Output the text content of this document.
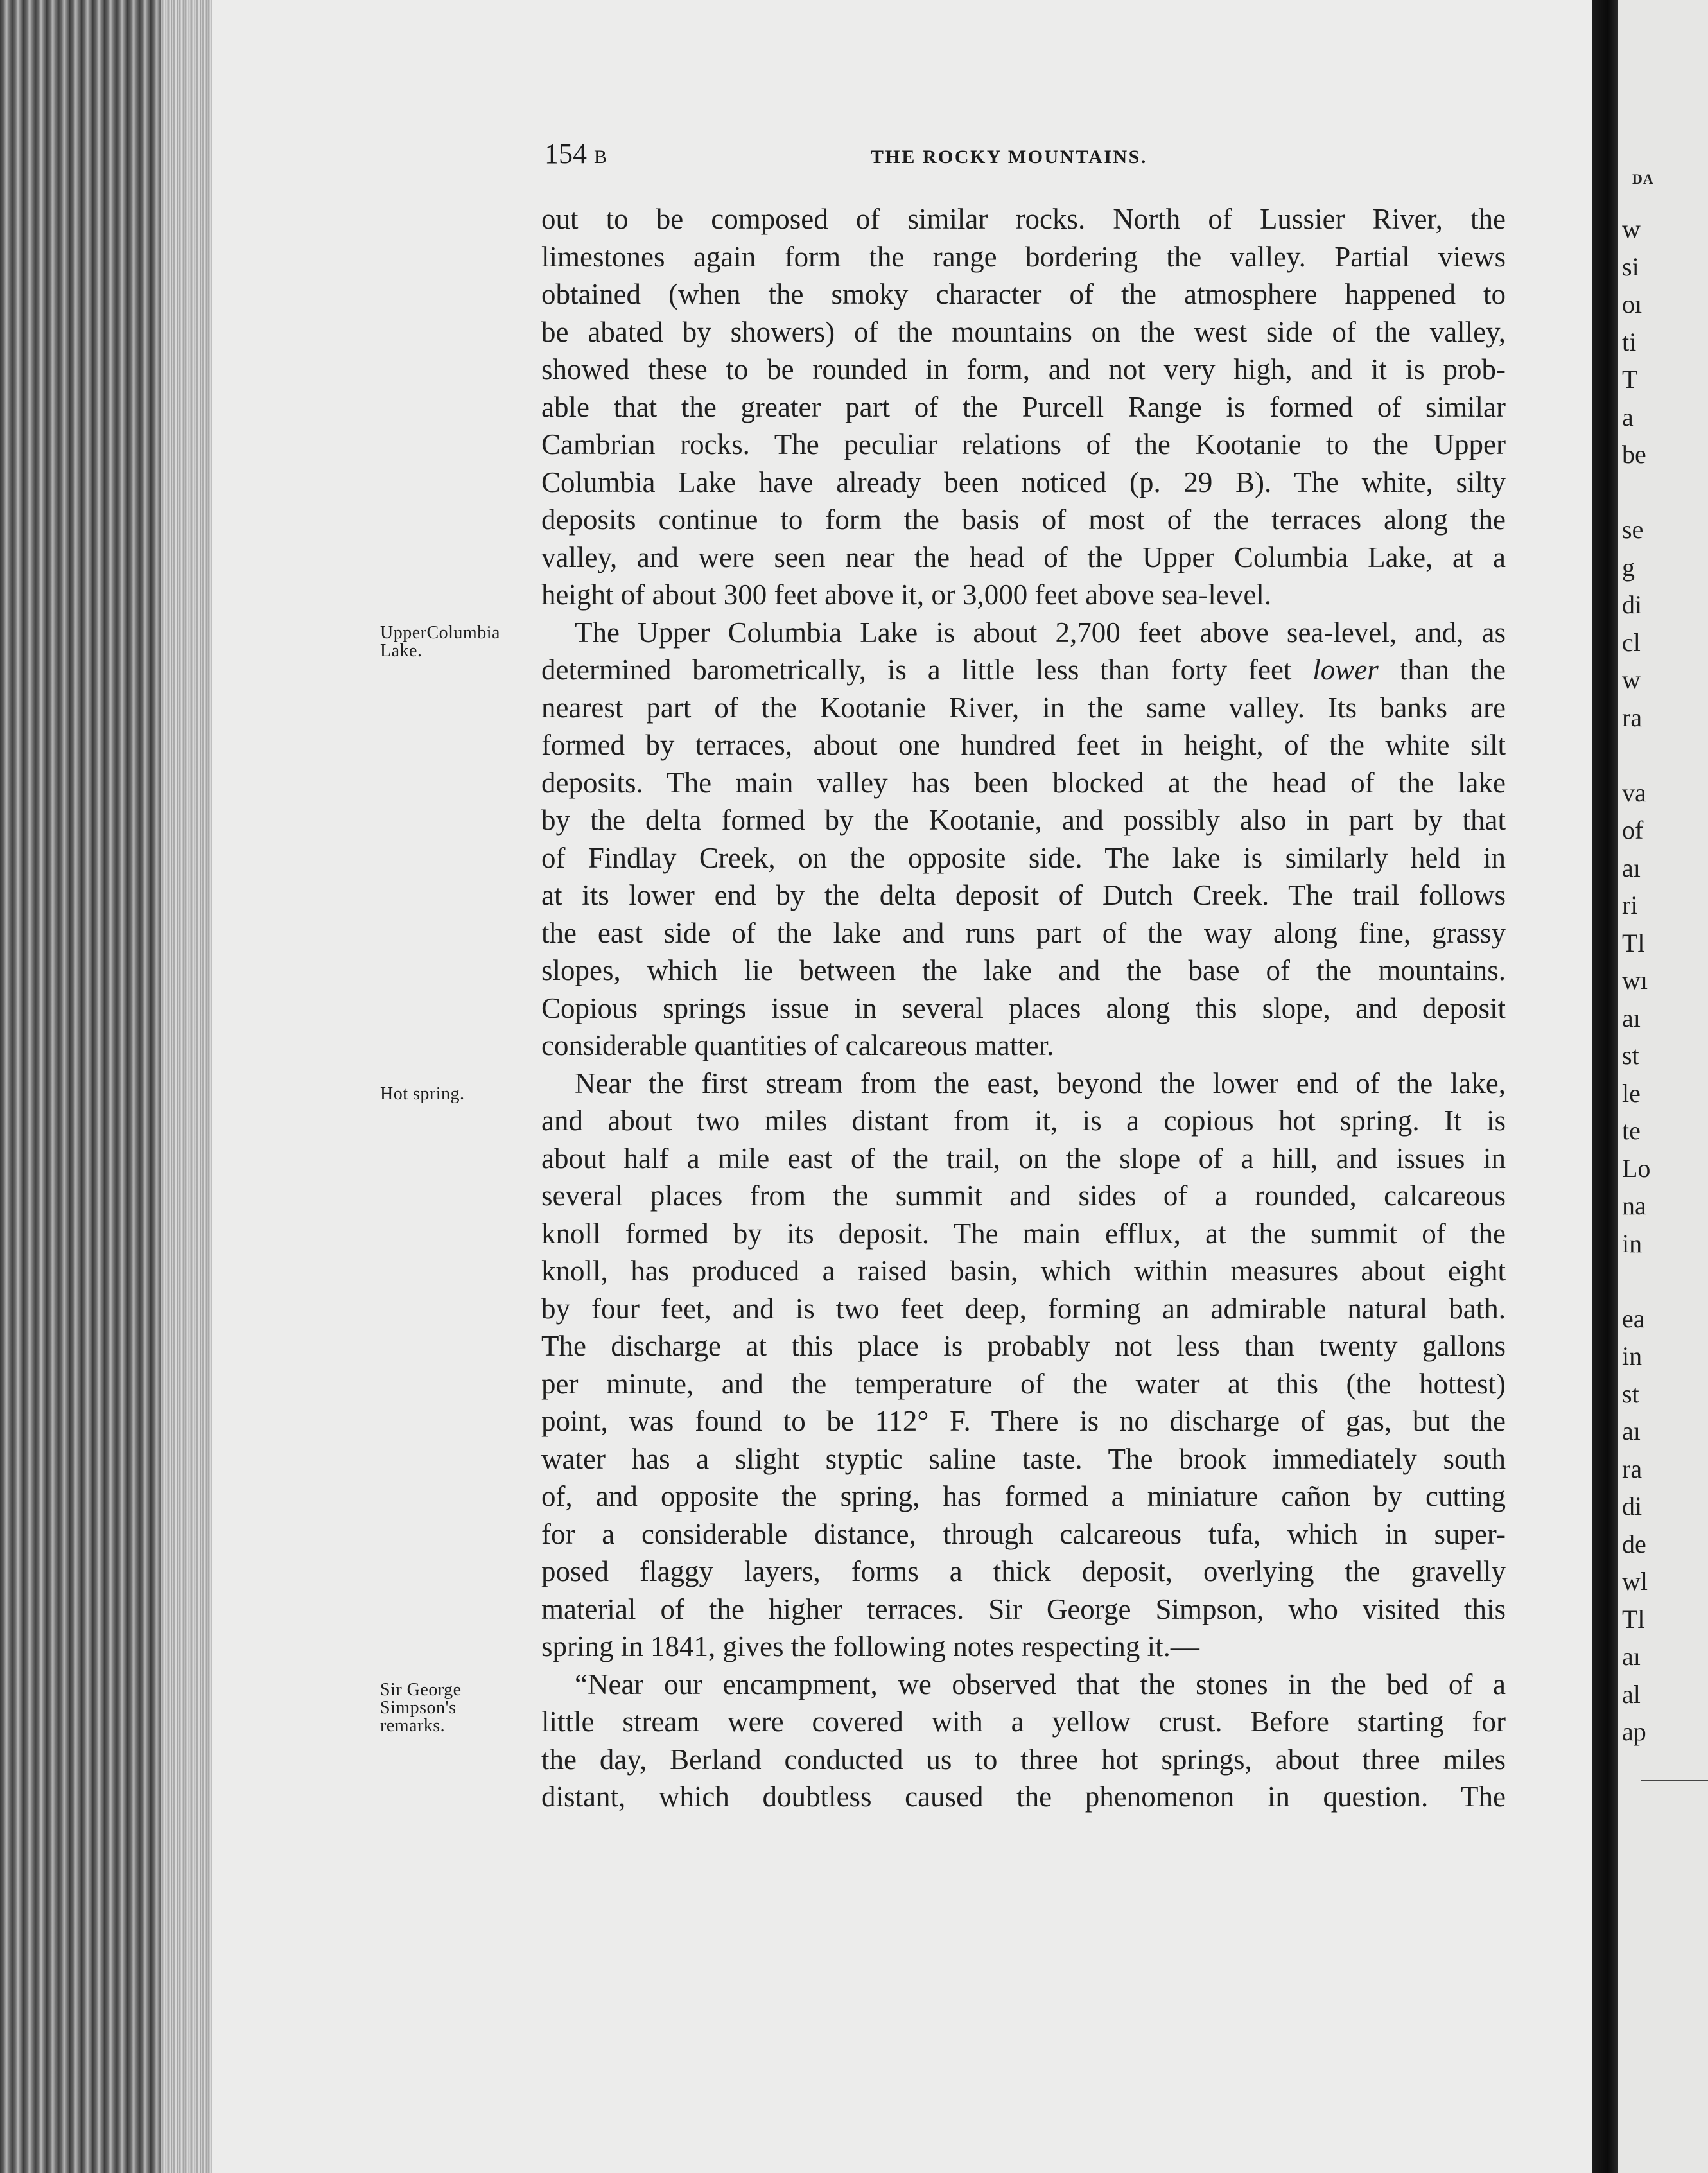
154 B	THE ROCKY MOUNTAINS.
UpperColumbia
Lake.
Hot spring.
Sir George
Simpson's
remarks.
out to be composed of similar rocks. North of Lussier River, the
limestones again form the range bordering the valley. Partial views
obtained (when the smoky character of the atmosphere happened to
be abated by showers) of the mountains on the west side of the valley,
showed these to be rounded in form, and not very high, and it is prob-
able that the greater part of the Purcell Range is formed of similar
Cambrian rocks. The peculiar relations of the Kootanie to the Upper
Columbia Lake have already been noticed (p. 29 B). The white, silty
deposits continue to form the basis of most of the terraces along the
valley, and were seen near the head of the Upper Columbia Lake, at a
height of about 300 feet above it, or 3,000 feet above sea-level.
The Upper Columbia Lake is about 2,700 feet above sea-level, and, as
determined barometrically, is a little less than forty feet lower than the
nearest part of the Kootanie River, in the same valley. Its banks are
formed by terraces, about one hundred feet in height, of the white silt
deposits. The main valley has been blocked at the head of the lake
by the delta formed by the Kootanie, and possibly also in part by that
of Findlay Creek, on the opposite side. The lake is similarly held in
at its lower end by the delta deposit of Dutch Creek. The trail follows
the east side of the lake and runs part of the way along fine, grassy
slopes, which lie between the lake and the base of the mountains.
Copious springs issue in several places along this slope, and deposit
considerable quantities of calcareous matter.
Near the first stream from the east, beyond the lower end of the lake,
and about two miles distant from it, is a copious hot spring. It is
about half a mile east of the trail, on the slope of a hill, and issues in
several places from the summit and sides of a rounded, calcareous
knoll formed by its deposit. The main efflux, at the summit of the
knoll, has produced a raised basin, which within measures about eight
by four feet, and is two feet deep, forming an admirable natural bath.
The discharge at this place is probably not less than twenty gallons
per minute, and the temperature of the water at this (the hottest)
point, was found to be 112° F. There is no discharge of gas, but the
water has a slight styptic saline taste. The brook immediately south
of, and opposite the spring, has formed a miniature cañon by cutting
for a considerable distance, through calcareous tufa, which in super-
posed flaggy layers, forms a thick deposit, overlying the gravelly
material of the higher terraces. Sir George Simpson, who visited this
spring in 1841, gives the following notes respecting it.—
“Near our encampment, we observed that the stones in the bed of a
little stream were covered with a yellow crust. Before starting for
the day, Berland conducted us to three hot springs, about three miles
distant, which doubtless caused the phenomenon in question. The
DA
w
si
oı
ti
T
a
be
se
g
di
cl
w
ra
va
of
aı
ri
Tl
wı
aı
st
le
te
Lo
na
in
ea
in
st
aı
ra
di
de
wl
Tl
aı
al
ap
